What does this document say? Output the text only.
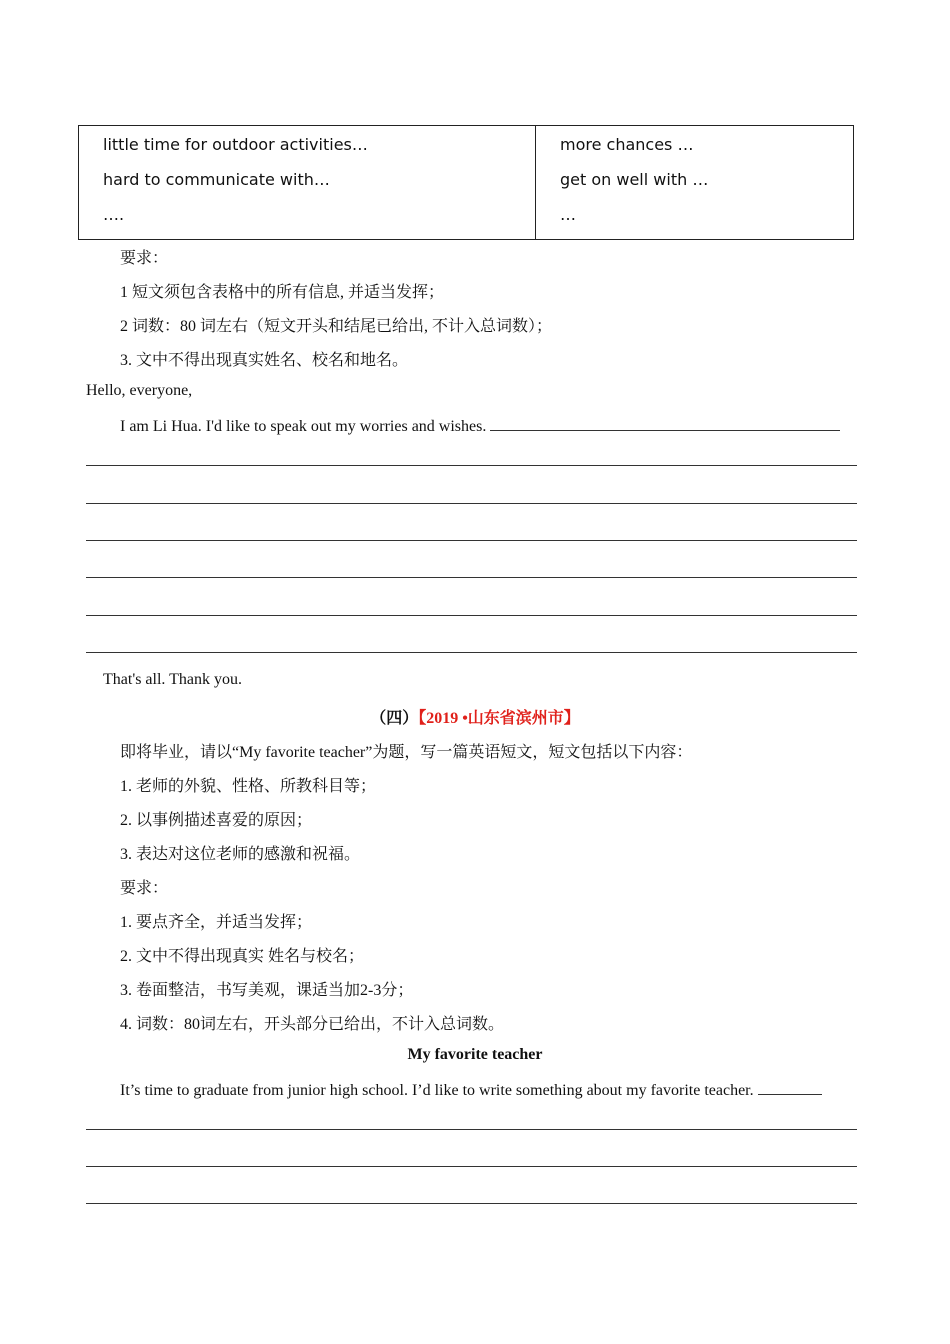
little time for outdoor activities…
hard to communicate with…
….
more chances …
get on well with …
…
要求：
1 短文须包含表格中的所有信息, 并适当发挥；
2 词数：80 词左右（短文开头和结尾已给出, 不计入总词数）；
3. 文中不得出现真实姓名、校名和地名。
Hello, everyone,
I am Li Hua. I'd like to speak out my worries and wishes.
That's all. Thank you.
（四）【2019 •山东省滨州市】
即将毕业，请以“My favorite teacher”为题，写一篇英语短文，短文包括以下内容：
1. 老师的外貌、性格、所教科目等；
2. 以事例描述喜爱的原因；
3. 表达对这位老师的感激和祝福。
要求：
1. 要点齐全，并适当发挥；
2. 文中不得出现真实 姓名与校名；
3. 卷面整洁，书写美观，课适当加2-3分；
4. 词数：80词左右，开头部分已给出，不计入总词数。
My favorite teacher
It’s time to graduate from junior high school. I’d like to write something about my favorite teacher.
